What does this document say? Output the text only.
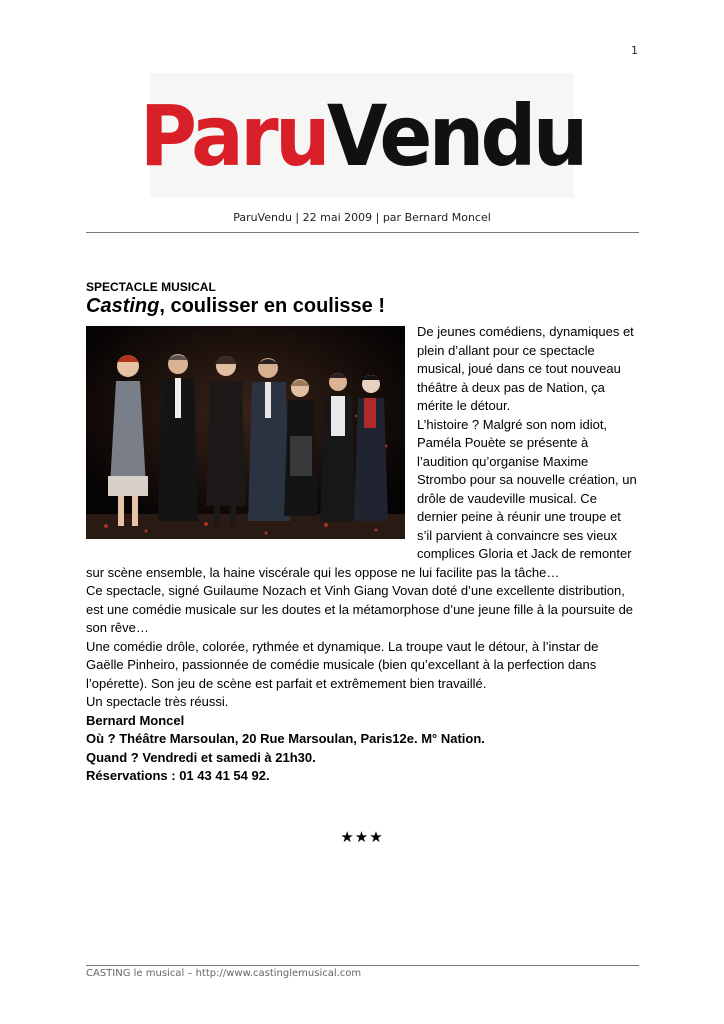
1
ParuVendu
ParuVendu | 22 mai 2009 | par Bernard Moncel
SPECTACLE MUSICAL
Casting, coulisser en coulisse !

De jeunes comédiens, dynamiques et plein d’allant pour ce spectacle musical, joué dans ce tout nouveau théâtre à deux pas de Nation, ça mérite le détour.

L’histoire ? Malgré son nom idiot, Paméla Pouète se présente à l’audition qu’organise Maxime Strombo pour sa nouvelle création, un drôle de vaudeville musical. Ce dernier peine à réunir une troupe et s’il parvient à convaincre ses vieux complices Gloria et Jack de remonter sur scène ensemble, la haine viscérale qui les oppose ne lui facilite pas la tâche…

Ce spectacle, signé Guilaume Nozach et Vinh Giang Vovan doté d’une excellente distribution, est une comédie musicale sur les doutes et la métamorphose d’une jeune fille à la poursuite de son rêve…

Une comédie drôle, colorée, rythmée et dynamique. La troupe vaut le détour, à l’instar de Gaëlle Pinheiro, passionnée de comédie musicale (bien qu’excellant à la perfection dans l’opérette). Son jeu de scène est parfait et extrêmement bien travaillé.

Un spectacle très réussi.

Bernard Moncel

Où ? Théâtre Marsoulan, 20 Rue Marsoulan, Paris12e. M° Nation.

Quand ? Vendredi et samedi à 21h30.

Réservations : 01 43 41 54 92.

★★★
CASTING le musical – http://www.castinglemusical.com
